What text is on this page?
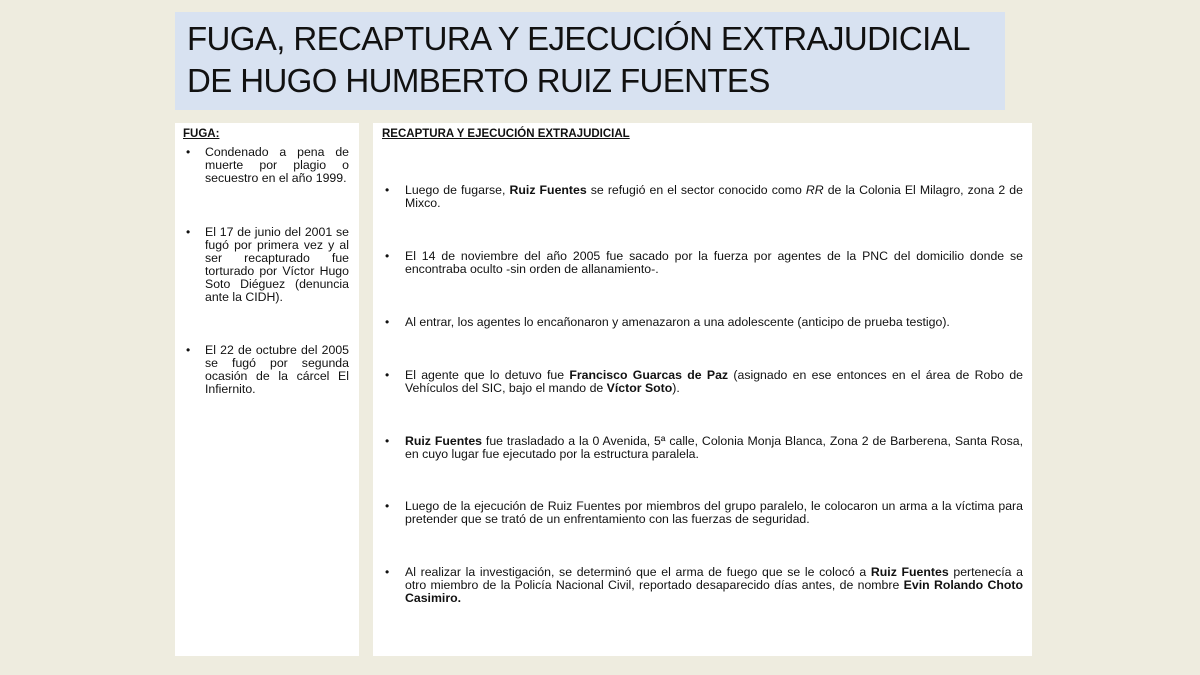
FUGA, RECAPTURA Y EJECUCIÓN EXTRAJUDICIAL
DE HUGO HUMBERTO RUIZ FUENTES
FUGA:
• Condenado a pena de muerte por plagio o secuestro en el año 1999.
• El 17 de junio del 2001 se fugó por primera vez y al ser recapturado fue torturado por Víctor Hugo Soto Diéguez (denuncia ante la CIDH).
• El 22 de octubre del 2005 se fugó por segunda ocasión de la cárcel El Infiernito.
RECAPTURA Y EJECUCIÓN EXTRAJUDICIAL
• Luego de fugarse, Ruiz Fuentes se refugió en el sector conocido como RR de la Colonia El Milagro, zona 2 de Mixco.
• El 14 de noviembre del año 2005 fue sacado por la fuerza por agentes de la PNC del domicilio donde se encontraba oculto -sin orden de allanamiento-.
• Al entrar, los agentes lo encañonaron y amenazaron a una adolescente (anticipo de prueba testigo).
• El agente que lo detuvo fue Francisco Guarcas de Paz (asignado en ese entonces en el área de Robo de Vehículos del SIC, bajo el mando de Víctor Soto).
• Ruiz Fuentes fue trasladado a la 0 Avenida, 5ª calle, Colonia Monja Blanca, Zona 2 de Barberena, Santa Rosa, en cuyo lugar fue ejecutado por la estructura paralela.
• Luego de la ejecución de Ruiz Fuentes por miembros del grupo paralelo, le colocaron un arma a la víctima para pretender que se trató de un enfrentamiento con las fuerzas de seguridad.
• Al realizar la investigación, se determinó que el arma de fuego que se le colocó a Ruiz Fuentes pertenecía a otro miembro de la Policía Nacional Civil, reportado desaparecido días antes, de nombre Evin Rolando Choto Casimiro.
